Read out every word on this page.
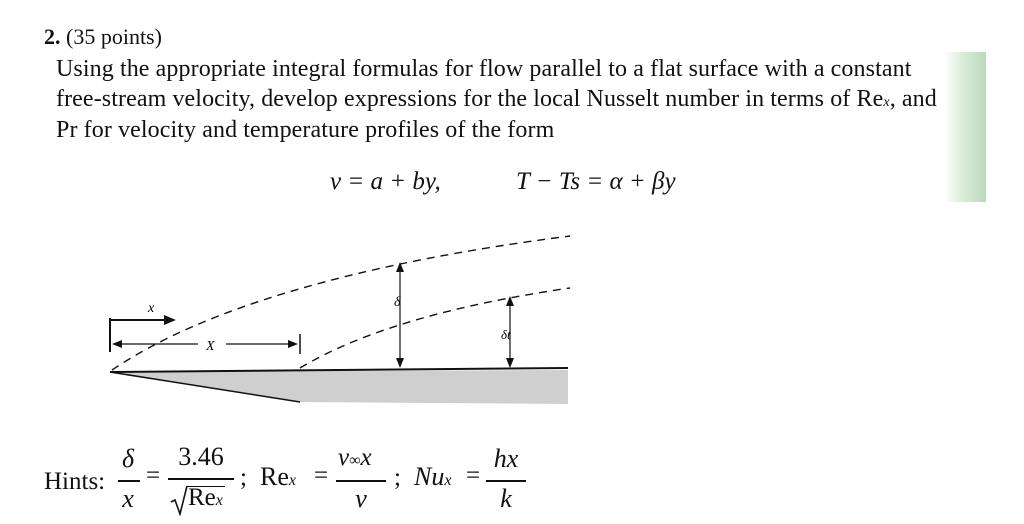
2. (35 points)
Using the appropriate integral formulas for flow parallel to a flat surface with a constant
free-stream velocity, develop expressions for the local Nusselt number in terms of Rex, and
Pr for velocity and temperature profiles of the form
v = a + by,	T − Ts = α + βy
x
X
δ
δt
Hints:
δ
x
=
3.46
Rex
; Rex =
v∞x
ν
; Nux =
hx
k
